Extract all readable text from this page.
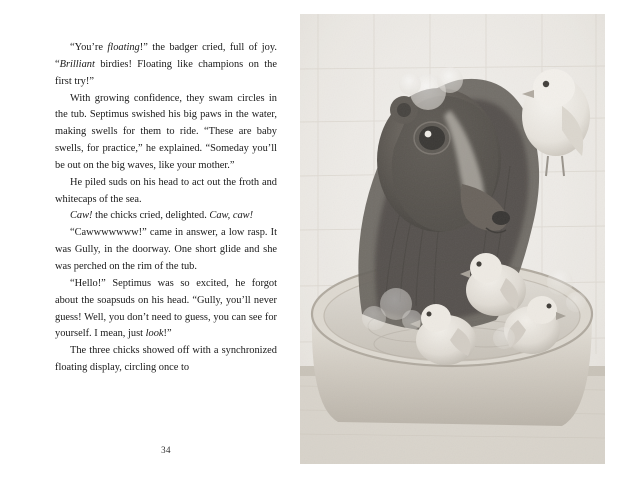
“You’re floating!” the badger cried, full of joy. “Brilliant birdies! Floating like champions on the first try!”

With growing confidence, they swam circles in the tub. Septimus swished his big paws in the water, making swells for them to ride. “These are baby swells, for practice,” he explained. “Someday you’ll be out on the big waves, like your mother.”

He piled suds on his head to act out the froth and whitecaps of the sea.

Caw! the chicks cried, delighted. Caw, caw!

“Cawwwwwww!” came in answer, a low rasp. It was Gully, in the doorway. One short glide and she was perched on the rim of the tub.

“Hello!” Septimus was so excited, he forgot about the soapsuds on his head. “Gully, you’ll never guess! Well, you don’t need to guess, you can see for yourself. I mean, just look!”

The three chicks showed off with a synchronized floating display, circling once to

34
